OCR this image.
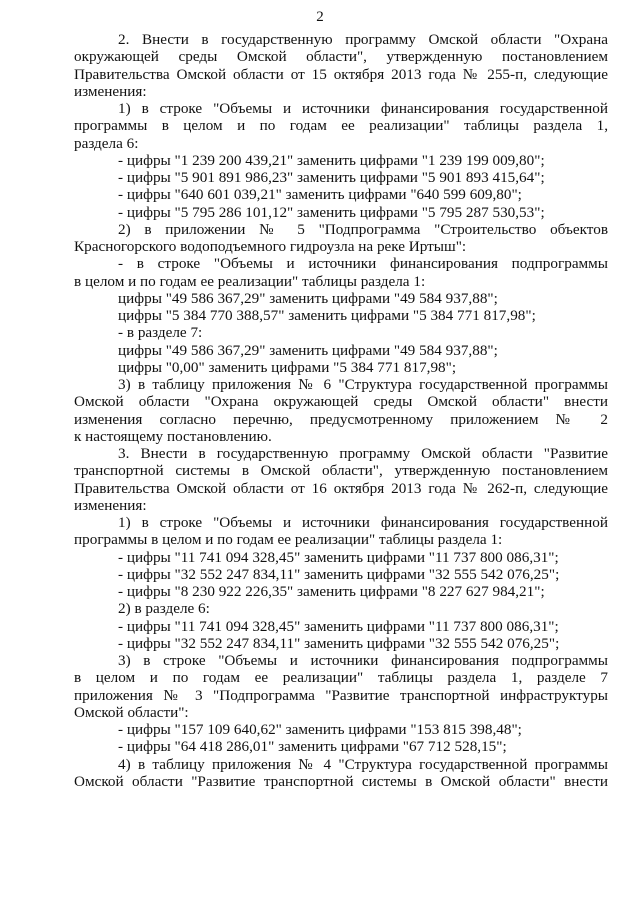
2
2. Внести в государственную программу Омской области "Охрана
окружающей среды Омской области", утвержденную постановлением
Правительства Омской области от 15 октября 2013 года № 255-п, следующие
изменения:
1) в строке "Объемы и источники финансирования государственной
программы в целом и по годам ее реализации" таблицы раздела 1,
раздела 6:
- цифры "1 239 200 439,21" заменить цифрами "1 239 199 009,80";
- цифры "5 901 891 986,23" заменить цифрами "5 901 893 415,64";
- цифры "640 601 039,21" заменить цифрами "640 599 609,80";
- цифры "5 795 286 101,12" заменить цифрами "5 795 287 530,53";
2) в приложении № 5 "Подпрограмма "Строительство объектов
Красногорского водоподъемного гидроузла на реке Иртыш":
- в строке "Объемы и источники финансирования подпрограммы
в целом и по годам ее реализации" таблицы раздела 1:
цифры "49 586 367,29" заменить цифрами "49 584 937,88";
цифры "5 384 770 388,57" заменить цифрами "5 384 771 817,98";
- в разделе 7:
цифры "49 586 367,29" заменить цифрами "49 584 937,88";
цифры "0,00" заменить цифрами "5 384 771 817,98";
3) в таблицу приложения № 6 "Структура государственной программы
Омской области "Охрана окружающей среды Омской области" внести
изменения согласно перечню, предусмотренному приложением № 2
к настоящему постановлению.
3. Внести в государственную программу Омской области "Развитие
транспортной системы в Омской области", утвержденную постановлением
Правительства Омской области от 16 октября 2013 года № 262-п, следующие
изменения:
1) в строке "Объемы и источники финансирования государственной
программы в целом и по годам ее реализации" таблицы раздела 1:
- цифры "11 741 094 328,45" заменить цифрами "11 737 800 086,31";
- цифры "32 552 247 834,11" заменить цифрами "32 555 542 076,25";
- цифры "8 230 922 226,35" заменить цифрами "8 227 627 984,21";
2) в разделе 6:
- цифры "11 741 094 328,45" заменить цифрами "11 737 800 086,31";
- цифры "32 552 247 834,11" заменить цифрами "32 555 542 076,25";
3) в строке "Объемы и источники финансирования подпрограммы
в целом и по годам ее реализации" таблицы раздела 1, разделе 7
приложения № 3 "Подпрограмма "Развитие транспортной инфраструктуры
Омской области":
- цифры "157 109 640,62" заменить цифрами "153 815 398,48";
- цифры "64 418 286,01" заменить цифрами "67 712 528,15";
4) в таблицу приложения № 4 "Структура государственной программы
Омской области "Развитие транспортной системы в Омской области" внести
